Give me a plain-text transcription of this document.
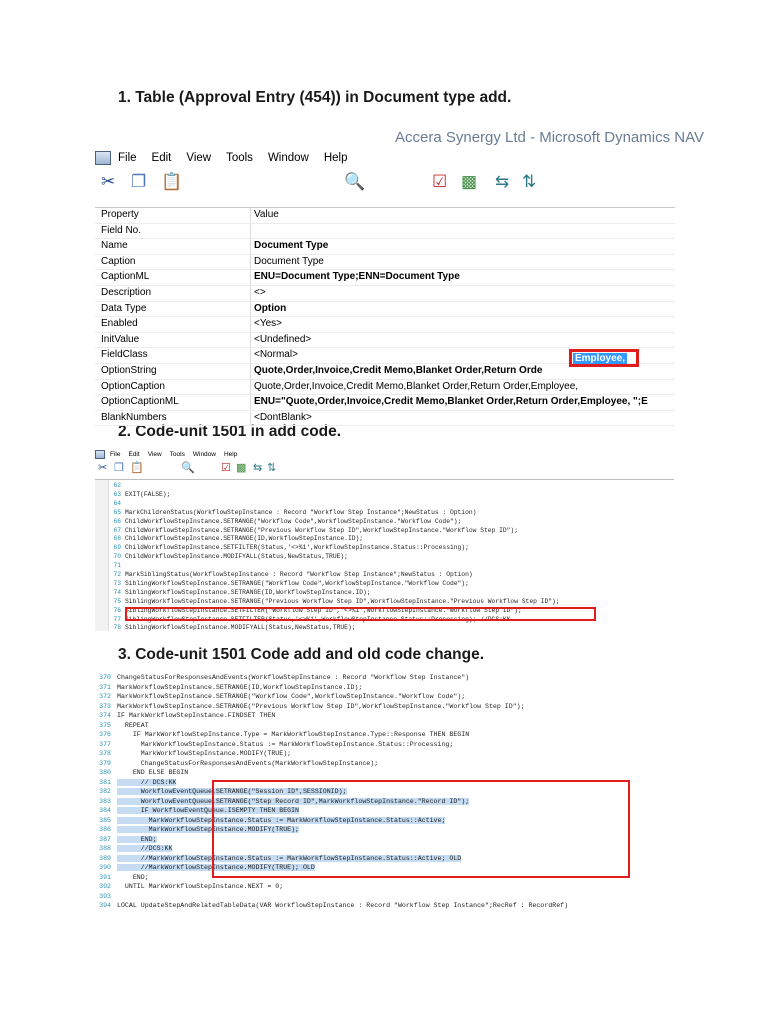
1. Table (Approval Entry (454)) in Document type add.
2. Code-unit 1501 in add code.
3. Code-unit 1501 Code add and old code change.
Accera Synergy Ltd - Microsoft Dynamics NAV
File Edit View Tools Window Help
✂ ❐ 📋	🔍	☑ ▩ ⇆ ⇅
Property	Value
Field No.
Name	Document Type
Caption	Document Type
CaptionML	ENU=Document Type;ENN=Document Type
Description	<>
Data Type	Option
Enabled	<Yes>
InitValue	<Undefined>
FieldClass	<Normal>
OptionString	Quote,Order,Invoice,Credit Memo,Blanket Order,Return Orde
OptionCaption	Quote,Order,Invoice,Credit Memo,Blanket Order,Return Order,Employee,
OptionCaptionML	ENU="Quote,Order,Invoice,Credit Memo,Blanket Order,Return Order,Employee, ";E
BlankNumbers	<DontBlank>
Employee,
File Edit View Tools Window Help
✂ ❐ 📋	🔍 ☑ ▩ ⇆ ⇅
62
63 EXIT(FALSE);
64
65 MarkChildrenStatus(WorkflowStepInstance : Record "Workflow Step Instance";NewStatus : Option)
66 ChildWorkflowStepInstance.SETRANGE("Workflow Code",WorkflowStepInstance."Workflow Code");
67 ChildWorkflowStepInstance.SETRANGE("Previous Workflow Step ID",WorkflowStepInstance."Workflow Step ID");
68 ChildWorkflowStepInstance.SETRANGE(ID,WorkflowStepInstance.ID);
69 ChildWorkflowStepInstance.SETFILTER(Status,'<>%1',WorkflowStepInstance.Status::Processing);
70 ChildWorkflowStepInstance.MODIFYALL(Status,NewStatus,TRUE);
71
72 MarkSiblingStatus(WorkflowStepInstance : Record "Workflow Step Instance";NewStatus : Option)
73 SiblingWorkflowStepInstance.SETRANGE("Workflow Code",WorkflowStepInstance."Workflow Code");
74 SiblingWorkflowStepInstance.SETRANGE(ID,WorkflowStepInstance.ID);
75 SiblingWorkflowStepInstance.SETRANGE("Previous Workflow Step ID",WorkflowStepInstance."Previous Workflow Step ID");
76 SiblingWorkflowStepInstance.SETFILTER("Workflow Step ID",'<>%1',WorkflowStepInstance."Workflow Step ID");
77 SiblingWorkflowStepInstance.SETFILTER(Status,'<>%1',WorkflowStepInstance.Status::Processing); //DCS:KK
78 SiblingWorkflowStepInstance.MODIFYALL(Status,NewStatus,TRUE);
370 ChangeStatusForResponsesAndEvents(WorkflowStepInstance : Record "Workflow Step Instance")
371 MarkWorkflowStepInstance.SETRANGE(ID,WorkflowStepInstance.ID);
372 MarkWorkflowStepInstance.SETRANGE("Workflow Code",WorkflowStepInstance."Workflow Code");
373 MarkWorkflowStepInstance.SETRANGE("Previous Workflow Step ID",WorkflowStepInstance."Workflow Step ID");
374 IF MarkWorkflowStepInstance.FINDSET THEN
375  REPEAT
376    IF MarkWorkflowStepInstance.Type = MarkWorkflowStepInstance.Type::Response THEN BEGIN
377      MarkWorkflowStepInstance.Status := MarkWorkflowStepInstance.Status::Processing;
378      MarkWorkflowStepInstance.MODIFY(TRUE);
379      ChangeStatusForResponsesAndEvents(MarkWorkflowStepInstance);
380    END ELSE BEGIN
381      // DCS:KK
382      WorkflowEventQueue.SETRANGE("Session ID",SESSIONID);
383      WorkflowEventQueue.SETRANGE("Step Record ID",MarkWorkflowStepInstance."Record ID");
384      IF WorkflowEventQueue.ISEMPTY THEN BEGIN
385        MarkWorkflowStepInstance.Status := MarkWorkflowStepInstance.Status::Active;
386        MarkWorkflowStepInstance.MODIFY(TRUE);
387      END;
388      //DCS:KK
389      //MarkWorkflowStepInstance.Status := MarkWorkflowStepInstance.Status::Active; OLD
390      //MarkWorkflowStepInstance.MODIFY(TRUE); OLD
391    END;
392  UNTIL MarkWorkflowStepInstance.NEXT = 0;
393
394 LOCAL UpdateStepAndRelatedTableData(VAR WorkflowStepInstance : Record "Workflow Step Instance";RecRef : RecordRef)
